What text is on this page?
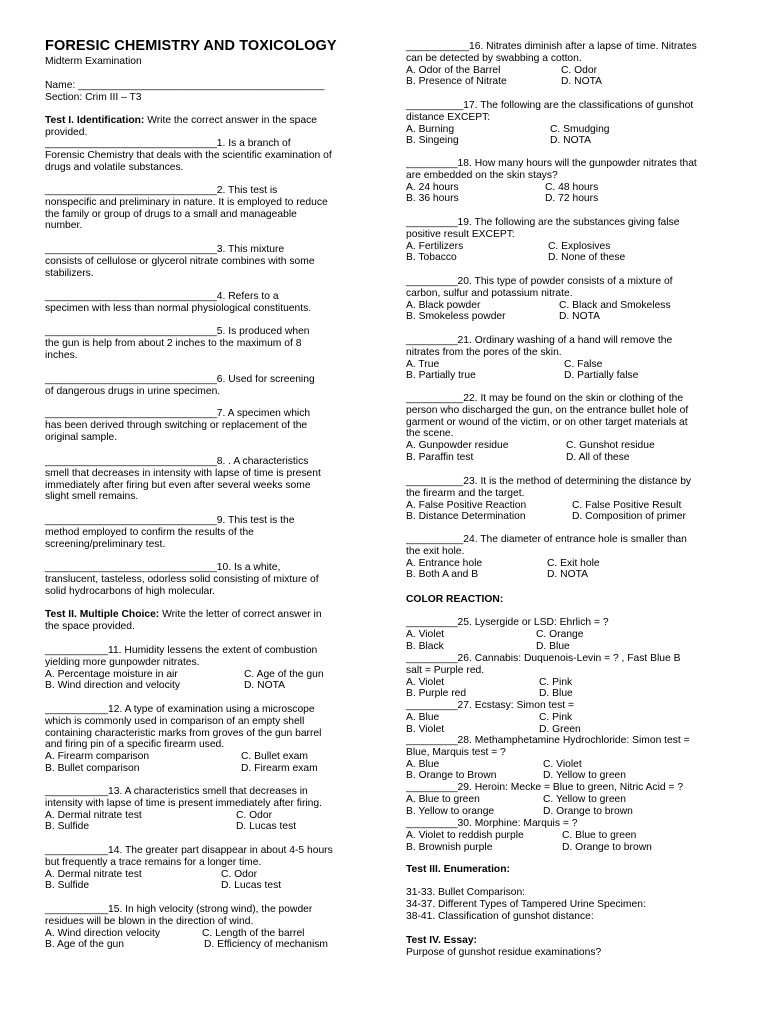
FORESIC CHEMISTRY AND TOXICOLOGY
Midterm Examination
Name: ___________________________________________
Section: Crim III – T3
Test I. Identification: Write the correct answer in the space
provided.
______________________________1. Is a branch of
Forensic Chemistry that deals with the scientific examination of
drugs and volatile substances.
______________________________2. This test is
nonspecific and preliminary in nature. It is employed to reduce
the family or group of drugs to a small and manageable
number.
______________________________3. This mixture
consists of cellulose or glycerol nitrate combines with some
stabilizers.
______________________________4. Refers to a
specimen with less than normal physiological constituents.
______________________________5. Is produced when
the gun is help from about 2 inches to the maximum of 8
inches.
______________________________6. Used for screening
of dangerous drugs in urine specimen.
______________________________7. A specimen which
has been derived through switching or replacement of the
original sample.
______________________________8. . A characteristics
smell that decreases in intensity with lapse of time is present
immediately after firing but even after several weeks some
slight smell remains.
______________________________9. This test is the
method employed to confirm the results of the
screening/preliminary test.
______________________________10. Is a white,
translucent, tasteless, odorless solid consisting of mixture of
solid hydrocarbons of high molecular.
Test II. Multiple Choice: Write the letter of correct answer in
the space provided.
___________11. Humidity lessens the extent of combustion
yielding more gunpowder nitrates.
A. Percentage moisture in air	C. Age of the gun
B. Wind direction and velocity	D. NOTA
___________12. A type of examination using a microscope
which is commonly used in comparison of an empty shell
containing characteristic marks from groves of the gun barrel
and firing pin of a specific firearm used.
A. Firearm comparison	C. Bullet exam
B. Bullet comparison	D. Firearm exam
___________13. A characteristics smell that decreases in
intensity with lapse of time is present immediately after firing.
A. Dermal nitrate test	C. Odor
B. Sulfide	D. Lucas test
___________14. The greater part disappear in about 4-5 hours
but frequently a trace remains for a longer time.
A. Dermal nitrate test	C. Odor
B. Sulfide	D. Lucas test
___________15. In high velocity (strong wind), the powder
residues will be blown in the direction of wind.
A. Wind direction velocity	C. Length of the barrel
B. Age of the gun	D. Efficiency of mechanism
___________16. Nitrates diminish after a lapse of time. Nitrates
can be detected by swabbing a cotton.
A. Odor of the Barrel	C. Odor
B. Presence of Nitrate	D. NOTA
__________17. The following are the classifications of gunshot
distance EXCEPT:
A. Burning	C. Smudging
B. Singeing	D. NOTA
_________18. How many hours will the gunpowder nitrates that
are embedded on the skin stays?
A. 24 hours	C. 48 hours
B. 36 hours	D. 72 hours
_________19. The following are the substances giving false
positive result EXCEPT:
A. Fertilizers	C. Explosives
B. Tobacco	D. None of these
_________20. This type of powder consists of a mixture of
carbon, sulfur and potassium nitrate.
A. Black powder	C. Black and Smokeless
B. Smokeless powder	D. NOTA
_________21. Ordinary washing of a hand will remove the
nitrates from the pores of the skin.
A. True	C. False
B. Partially true	D. Partially false
__________22. It may be found on the skin or clothing of the
person who discharged the gun, on the entrance bullet hole of
garment or wound of the victim, or on other target materials at
the scene.
A. Gunpowder residue	C. Gunshot residue
B. Paraffin test	D. All of these
__________23. It is the method of determining the distance by
the firearm and the target.
A. False Positive Reaction	C. False Positive Result
B. Distance Determination	D. Composition of primer
__________24. The diameter of entrance hole is smaller than
the exit hole.
A. Entrance hole	C. Exit hole
B. Both A and B	D. NOTA
COLOR REACTION:
_________25. Lysergide or LSD: Ehrlich = ?
A. Violet	C. Orange
B. Black	D. Blue
_________26. Cannabis: Duquenois-Levin = ? , Fast Blue B
salt = Purple red.
A. Violet	C. Pink
B. Purple red	D. Blue
_________27. Ecstasy: Simon test =
A. Blue	C. Pink
B. Violet	D. Green
_________28. Methamphetamine Hydrochloride: Simon test =
Blue, Marquis test = ?
A. Blue	C. Violet
B. Orange to Brown	D. Yellow to green
_________29. Heroin: Mecke = Blue to green, Nitric Acid = ?
A. Blue to green	C. Yellow to green
B. Yellow to orange	D. Orange to brown
_________30. Morphine: Marquis = ?
A. Violet to reddish purple	C. Blue to green
B. Brownish purple	D. Orange to brown
Test III. Enumeration:
31-33. Bullet Comparison:
34-37. Different Types of Tampered Urine Specimen:
38-41. Classification of gunshot distance:
Test IV. Essay:
Purpose of gunshot residue examinations?
